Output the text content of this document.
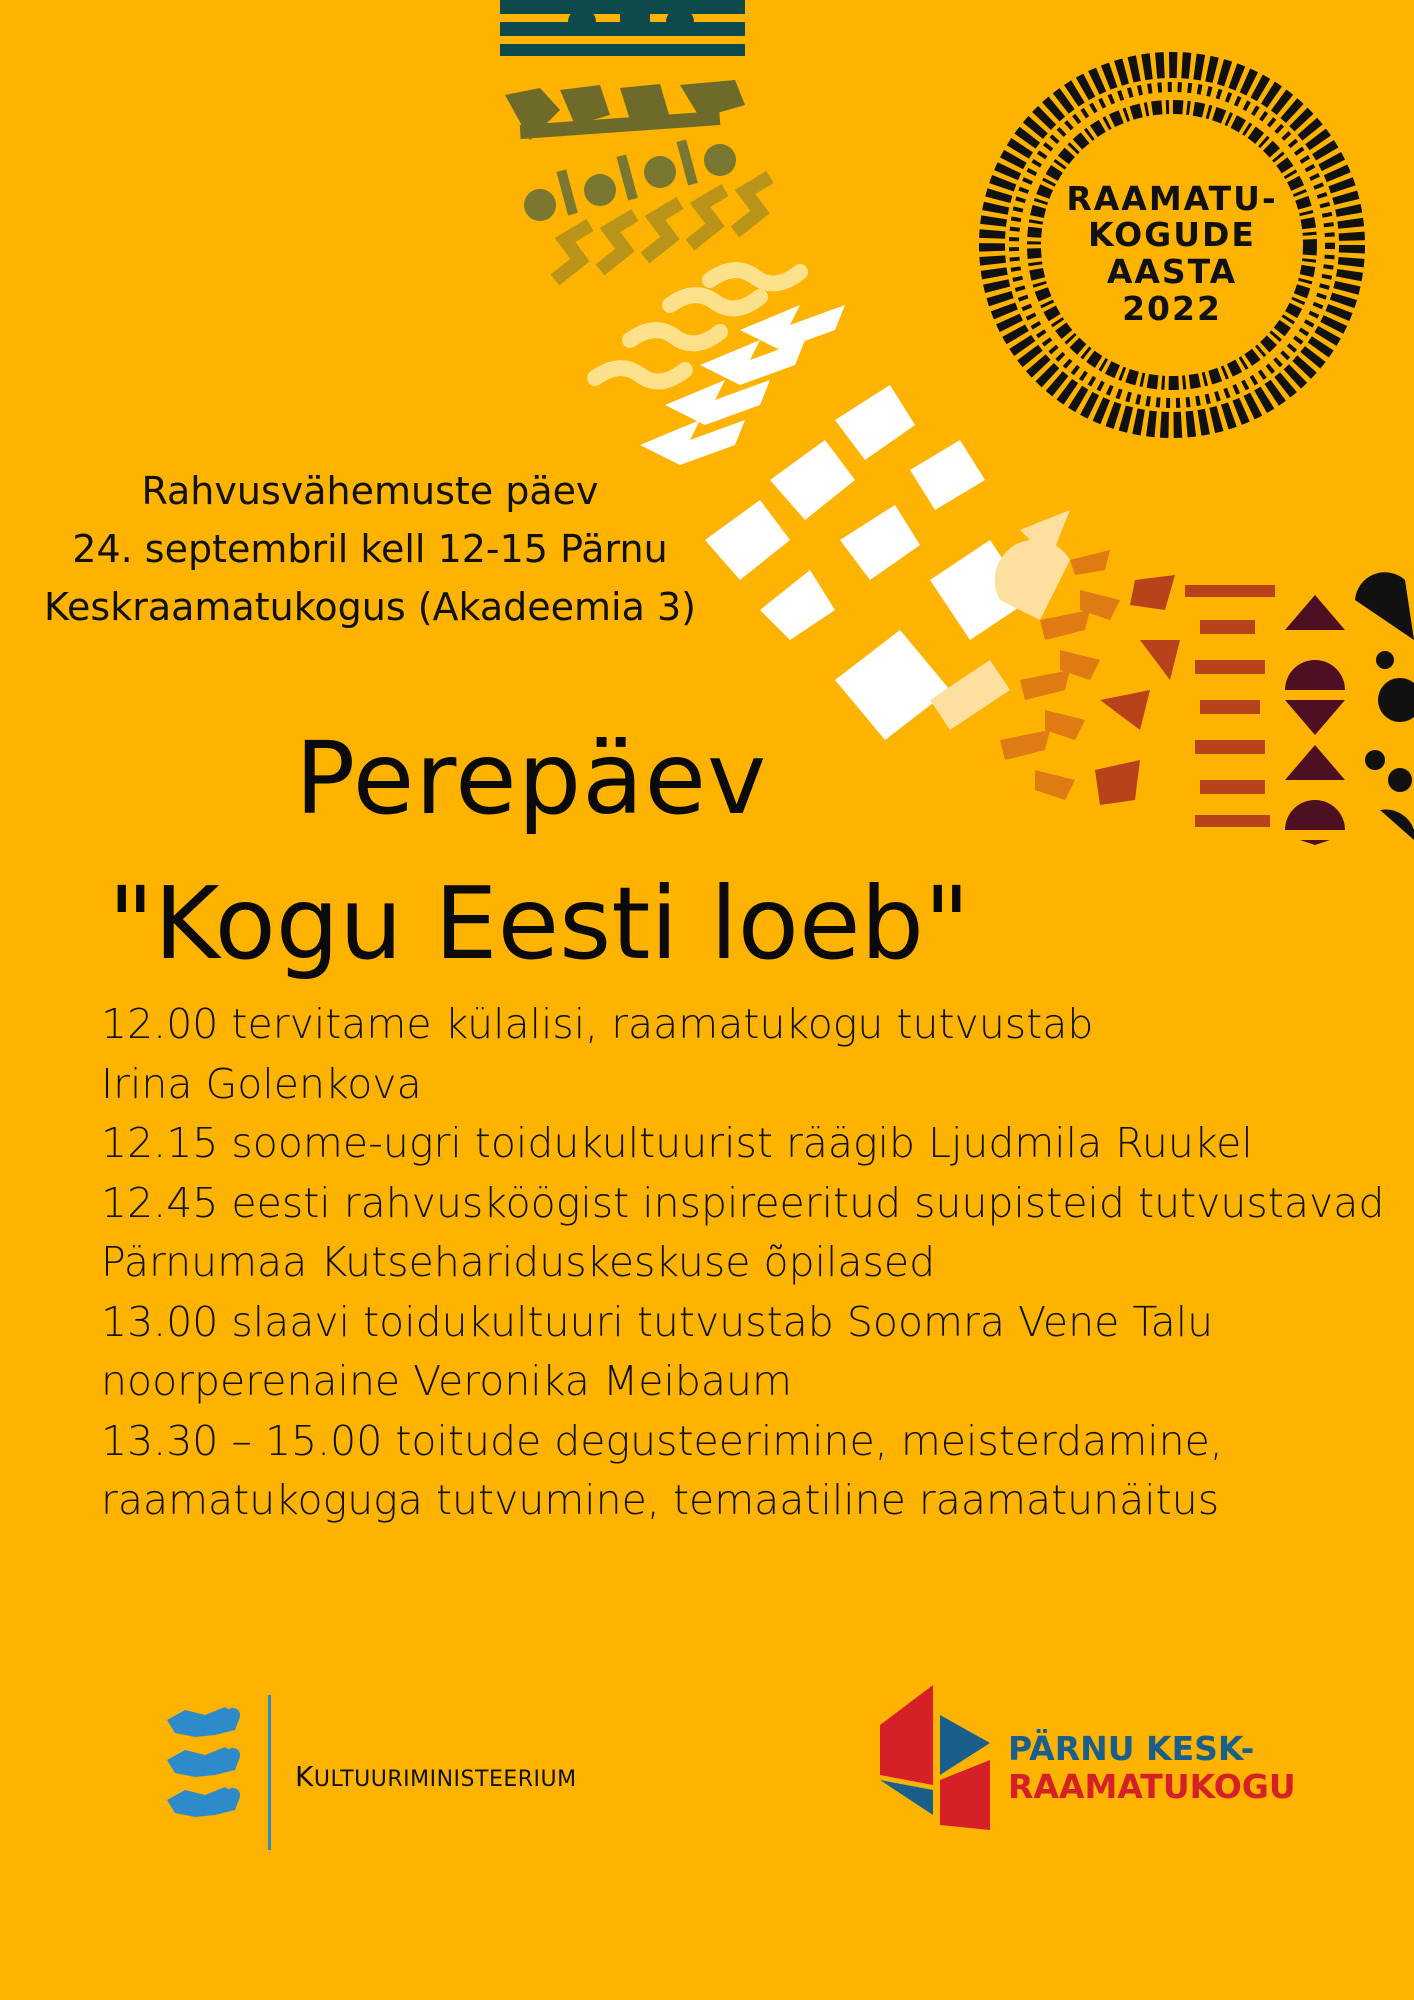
RAAMATU-
KOGUDE
AASTA
2022
Rahvusvähemuste päev
24. septembril kell 12-15 Pärnu
Keskraamatukogus (Akadeemia 3)
Perepäev
"Kogu Eesti loeb"
12.00 tervitame külalisi, raamatukogu tutvustab
Irina Golenkova
12.15 soome-ugri toidukultuurist räägib Ljudmila Ruukel
12.45 eesti rahvusköögist inspireeritud suupisteid tutvustavad
Pärnumaa Kutsehariduskeskuse õpilased
13.00 slaavi toidukultuuri tutvustab Soomra Vene Talu
noorperenaine Veronika Meibaum
13.30 – 15.00 toitude degusteerimine, meisterdamine,
raamatukoguga tutvumine, temaatiline raamatunäitus
KULTUURIMINISTEERIUM
PÄRNU KESK-
RAAMATUKOGU
